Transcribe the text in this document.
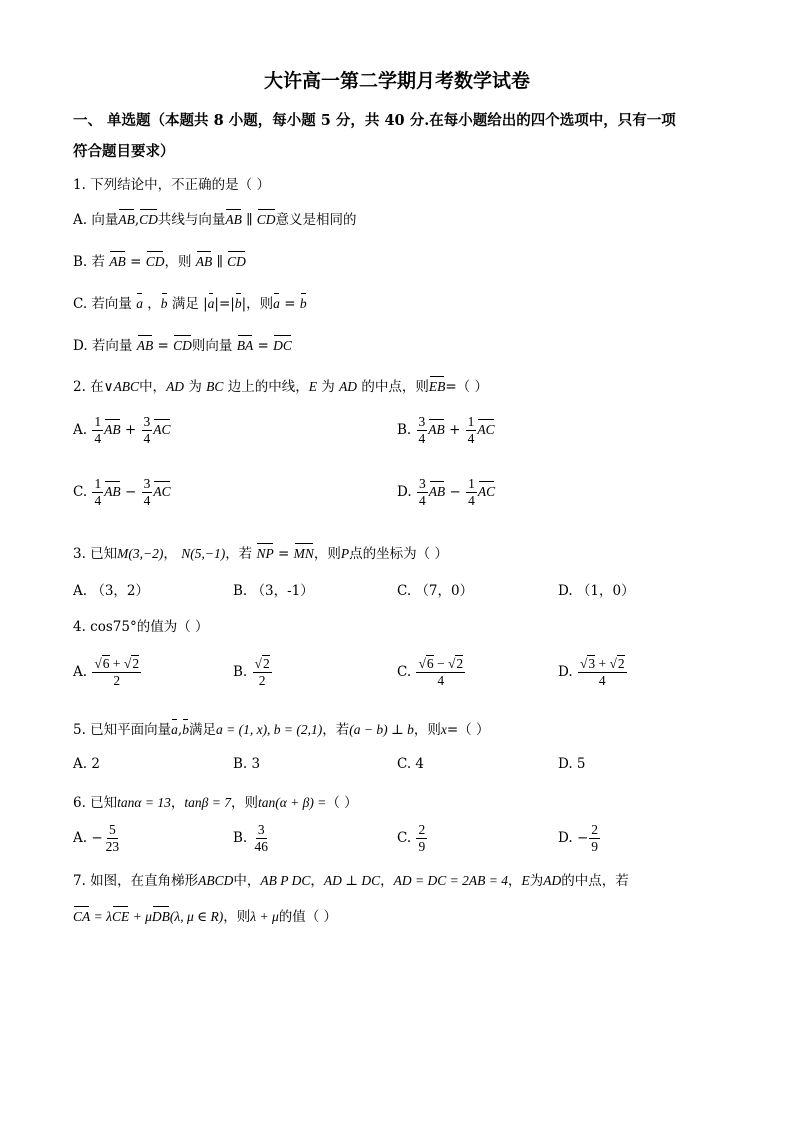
大许高一第二学期月考数学试卷
一、 单选题（本题共 8 小题，每小题 5 分，共 40 分.在每小题给出的四个选项中，只有一项
符合题目要求）
1. 下列结论中，不正确的是（ ）
A. 向量AB,CD共线与向量AB ∥ CD意义是相同的
B. 若 AB = CD，则 AB ∥ CD
C. 若向量 a ，b 满足 |a|=|b|，则a = b
D. 若向量 AB = CD则向量 BA = DC
2. 在∨ABC中，AD 为 BC 边上的中线，E 为 AD 的中点，则EB=（ ）
A. $\frac{1}{4}$ AB + $\frac{3}{4}$ AC	B. $\frac{3}{4}$ AB + $\frac{1}{4}$ AC
C. $\frac{1}{4}$ AB − $\frac{3}{4}$ AC	D. $\frac{3}{4}$ AB − $\frac{1}{4}$ AC
3. 已知M(3,−2)， N(5,−1)，若 NP = MN，则P点的坐标为（ ）
A. （3，2）	B. （3，-1）	C. （7，0）	D. （1，0）
4. cos75°的值为（ ）
A. $\frac{√6 + √2}{2}$	B. $\frac{√2}{2}$	C. $\frac{√6 - √2}{4}$	D. $\frac{√3 + √2}{4}$
5. 已知平面向量a,b满足a = (1, x), b = (2,1)，若(a − b) ⊥ b，则x=（ ）
A. 2	B. 3	C. 4	D. 5
6. 已知tanα = 13，tanβ = 7，则tan(α + β) =（ ）
A. − $\frac{5}{23}$	B. $\frac{3}{46}$	C. $\frac{2}{9}$	D. − $\frac{2}{9}$
7. 如图，在直角梯形ABCD中，AB P DC，AD ⊥ DC，AD = DC = 2AB = 4，E为AD的中点，若
CA = λCE + μDB(λ, μ ∈ R)，则λ + μ的值（ ）
